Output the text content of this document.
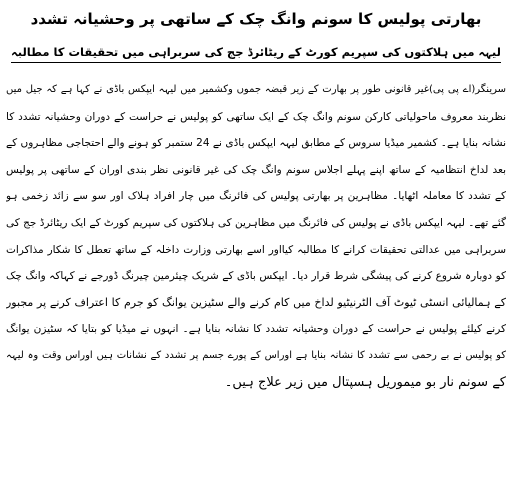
بھارتی پولیس کا سونم وانگ چک کے ساتھی پر وحشیانہ تشدد
لیہہ میں ہلاکتوں کی سپریم کورٹ کے ریٹائرڈ جج کی سربراہی میں تحقیقات کا مطالبہ
سرینگر(اے پی پی)غیر قانونی طور پر بھارت کے زیر قبضہ جموں وکشمیر میں لیہہ ایپکس باڈی نے کہا ہے کہ جیل میں
نظربند معروف ماحولیاتی کارکن سونم وانگ چک کے ایک ساتھی کو پولیس نے حراست کے دوران وحشیانہ تشدد کا
نشانہ بنایا ہے۔ کشمیر میڈیا سروس کے مطابق لیہہ ایپکس باڈی نے 24 ستمبر کو ہونے والے احتجاجی مظاہروں کے
بعد لداخ انتظامیہ کے ساتھ اپنے پہلے اجلاس سونم وانگ چک کی غیر قانونی نظر بندی اوران کے ساتھی پر پولیس
کے تشدد کا معاملہ اٹھایا۔ مظاہرین پر بھارتی پولیس کی فائرنگ میں چار افراد ہلاک اور سو سے زائد زخمی ہو
گئے تھے۔ لیہہ ایپکس باڈی نے پولیس کی فائرنگ میں مظاہرین کی ہلاکتوں کی سپریم کورٹ کے ایک ریٹائرڈ جج کی
سربراہی میں عدالتی تحقیقات کرانے کا مطالبہ کیااور اسے بھارتی وزارت داخلہ کے ساتھ تعطل کا شکار مذاکرات
کو دوبارہ شروع کرنے کی پیشگی شرط قرار دیا۔ ایپکس باڈی کے شریک چیئرمین چیرنگ ڈورجے نے کہاکہ وانگ چک
کے ہمالیائی انسٹی ٹیوٹ آف الٹرنیٹیو لداخ میں کام کرنے والے سٹیزین یوانگ کو جرم کا اعتراف کرنے پر مجبور
کرنے کیلئے پولیس نے حراست کے دوران وحشیانہ تشدد کا نشانہ بنایا ہے۔ انہوں نے میڈیا کو بتایا کہ سٹیزن یوانگ
کو پولیس نے بے رحمی سے تشدد کا نشانہ بنایا ہے اوراس کے پورے جسم پر تشدد کے نشانات ہیں اوراس وقت وہ لیہہ
کے سونم نار بو میموریل ہسپتال میں زیر علاج ہیں۔
